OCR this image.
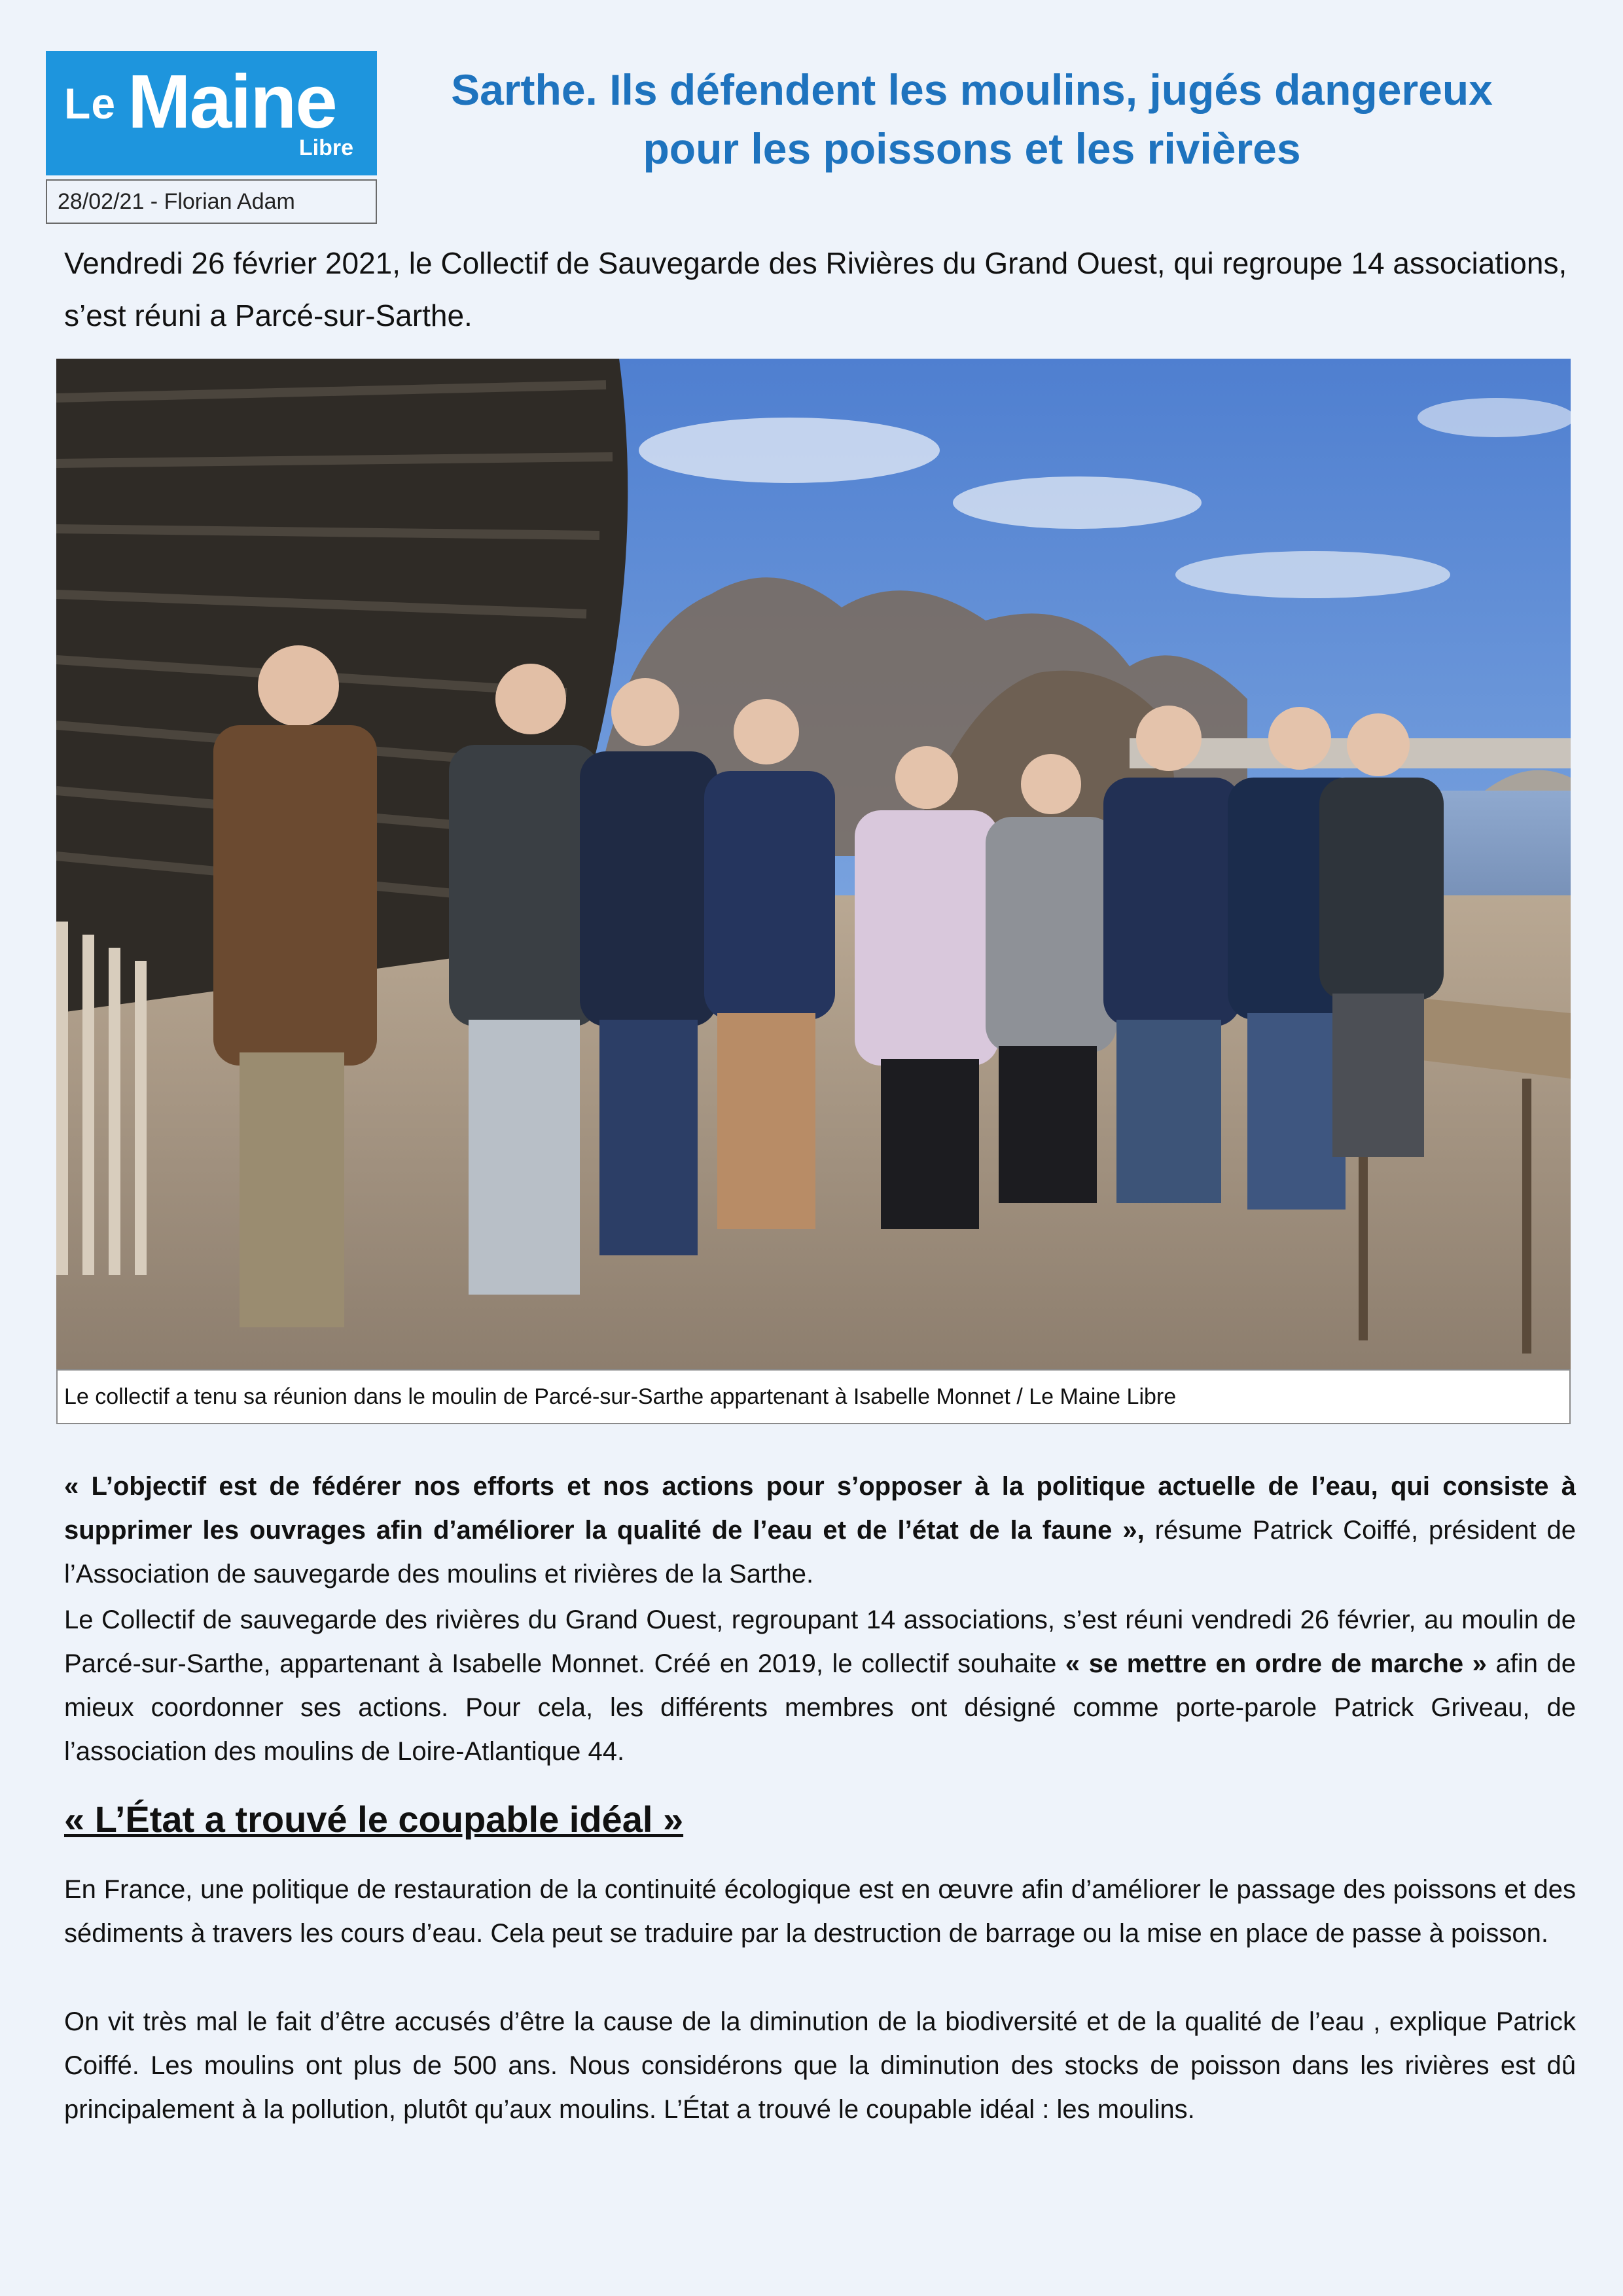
Le Maine
Libre
28/02/21 - Florian Adam
Sarthe. Ils défendent les moulins, jugés dangereux pour les poissons et les rivières
Vendredi 26 février 2021, le Collectif de Sauvegarde des Rivières du Grand Ouest, qui regroupe 14 associations, s’est réuni a Parcé-sur-Sarthe.
Le collectif a tenu sa réunion dans le moulin de Parcé-sur-Sarthe appartenant à Isabelle Monnet / Le Maine Libre
« L’objectif est de fédérer nos efforts et nos actions pour s’opposer à la politique actuelle de l’eau, qui consiste à supprimer les ouvrages afin d’améliorer la qualité de l’eau et de l’état de la faune », résume Patrick Coiffé, président de l’Association de sauvegarde des moulins et rivières de la Sarthe.
Le Collectif de sauvegarde des rivières du Grand Ouest, regroupant 14 associations, s’est réuni vendredi 26 février, au moulin de Parcé-sur-Sarthe, appartenant à Isabelle Monnet. Créé en 2019, le collectif souhaite « se mettre en ordre de marche » afin de mieux coordonner ses actions. Pour cela, les différents membres ont désigné comme porte-parole Patrick Griveau, de l’association des moulins de Loire-Atlantique 44.
« L’État a trouvé le coupable idéal »
En France, une politique de restauration de la continuité écologique est en œuvre afin d’améliorer le passage des poissons et des sédiments à travers les cours d’eau. Cela peut se traduire par la destruction de barrage ou la mise en place de passe à poisson.
On vit très mal le fait d’être accusés d’être la cause de la diminution de la biodiversité et de la qualité de l’eau , explique Patrick Coiffé. Les moulins ont plus de 500 ans. Nous considérons que la diminution des stocks de poisson dans les rivières est dû principalement à la pollution, plutôt qu’aux moulins. L’État a trouvé le coupable idéal : les moulins.
